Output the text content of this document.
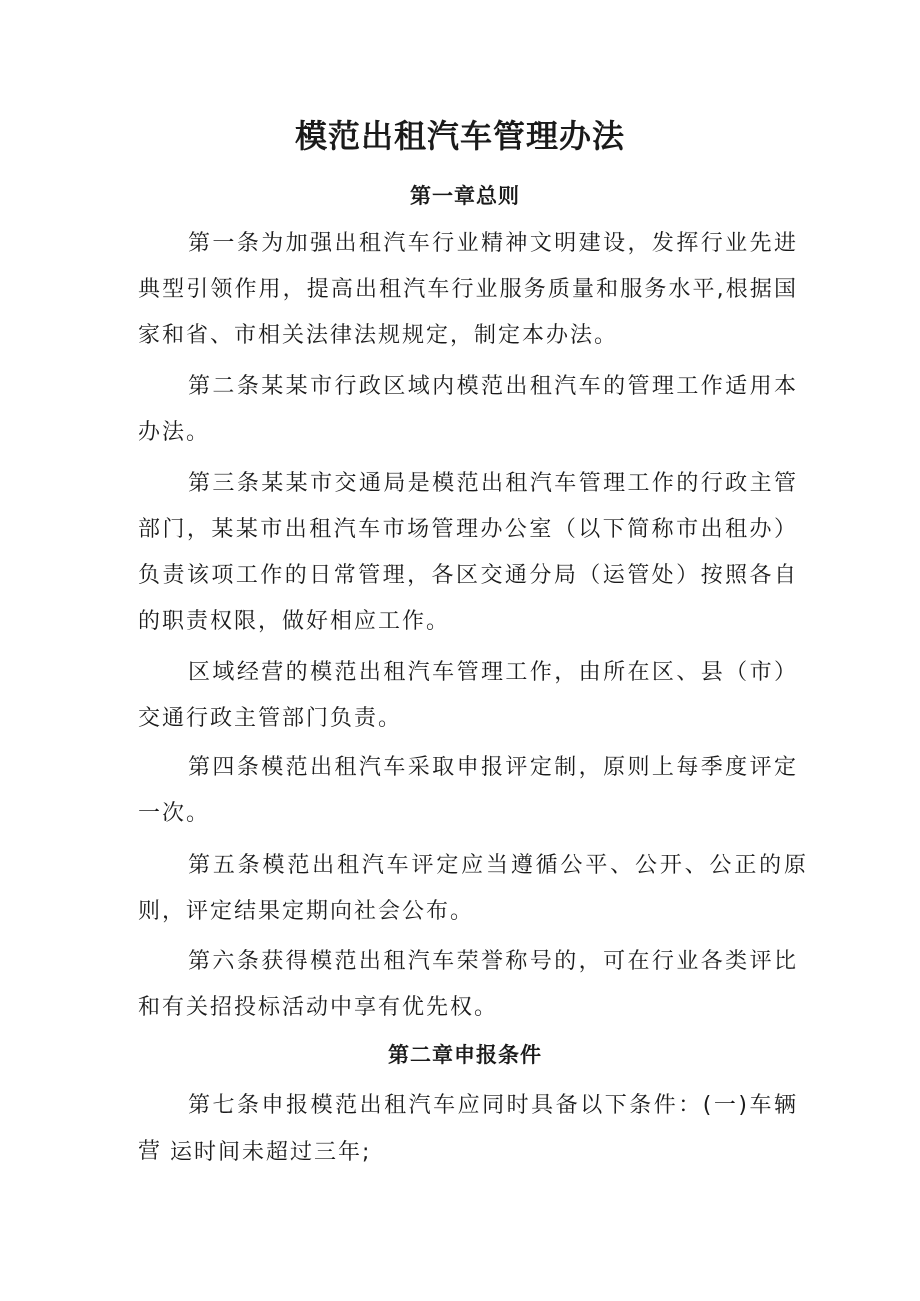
模范出租汽车管理办法
第一章总则

第一条为加强出租汽车行业精神文明建设，发挥行业先进典型引领作用，提高出租汽车行业服务质量和服务水平,根据国家和省、市相关法律法规规定，制定本办法。

第二条某某市行政区域内模范出租汽车的管理工作适用本办法。

第三条某某市交通局是模范出租汽车管理工作的行政主管部门，某某市出租汽车市场管理办公室（以下简称市出租办）负责该项工作的日常管理，各区交通分局（运管处）按照各自的职责权限，做好相应工作。

区域经营的模范出租汽车管理工作，由所在区、县（市）交通行政主管部门负责。

第四条模范出租汽车采取申报评定制，原则上每季度评定一次。

第五条模范出租汽车评定应当遵循公平、公开、公正的原则，评定结果定期向社会公布。

第六条获得模范出租汽车荣誉称号的，可在行业各类评比和有关招投标活动中享有优先权。

第二章申报条件

第七条申报模范出租汽车应同时具备以下条件：(一)车辆营 运时间未超过三年;
